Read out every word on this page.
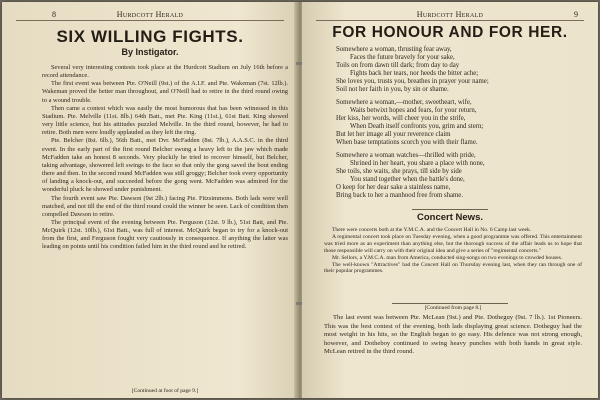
8	Hurdcott Herald
SIX WILLING FIGHTS.
By Instigator.

Several very interesting contests took place at the Hurdcott Stadium on July 16th before a record attendance.

The first event was between Pte. O'Neill (9st.) of the A.I.F. and Pte. Wakeman (7st. 12lb.). Wakeman proved the better man throughout, and O'Neill had to retire in the third round owing to a wound trouble.

Then came a contest which was easily the most humorous that has been witnessed in this Stadium. Pte. Melville (11st. 8lb.) 64th Batt., met Pte. King (11st.), 61st Batt. King showed very little science, but his attitudes puzzled Melville. In the third round, however, he had to retire. Both men were loudly applauded as they left the ring.

Pte. Belcher (8st. 6lb.), 56th Batt., met Dvr. McFadden (8st. 7lb.), A.A.S.C. in the third event. In the early part of the first round Belcher swung a heavy left to the jaw which made McFadden take an honest 8 seconds. Very pluckily he tried to recover himself, but Belcher, taking advantage, showered left swings to the face so that only the gong saved the bout ending there and then. In the second round McFadden was still groggy; Belcher took every opportunity of landing a knock-out, and succeeded before the gong went. McFadden was admired for the wonderful pluck he showed under punishment.

The fourth event saw Pte. Dawson (9st 2lb.) facing Pte. Fitzsimmons. Both lads were well matched, and not till the end of the third round could the winner be seen. Lack of condition then compelled Dawson to retire.

The principal event of the evening between Pte. Ferguson (12st. 9 lb.), 51st Batt, and Pte. McQuirk (12st. 10lb.), 61st Batt., was full of interest. McQuirk began to try for a knock-out from the first, and Ferguson fought very cautiously in consequence. If anything the latter was leading on points until his condition failed him in the third round and he retired.

[Continued at foot of page 9.]
Hurdcott Herald	9
FOR HONOUR AND FOR HER.
Somewhere a woman, thrusting fear away,
Faces the future bravely for your sake,
Toils on from dawn till dark; from day to day
Fights back her tears, nor heeds the bitter ache;
She loves you, trusts you, breathes in prayer your name;
Soil not her faith in you, by sin or shame.
Somewhere a woman,—mother, sweetheart, wife,
Waits betwixt hopes and fears, for your return,
Her kiss, her words, will cheer you in the strife,
When Death itself confronts you, grim and stern;
But let her image all your reverence claim
When base temptations scorch you with their flame.
Somewhere a woman watches—thrilled with pride,
Shrined in her heart, you share a place with none,
She toils, she waits, she prays, till side by side
You stand together when the battle's done,
O keep for her dear sake a stainless name,
Bring back to her a manhood free from shame.
Concert News.

There were concerts both at the Y.M.C.A. and the Concert Hall in No. 6 Camp last week.

A regimental concert took place on Tuesday evening, when a good programme was offered. This entertainment was tried more as an experiment than anything else, but the thorough success of the affair leads us to hope that those responsible will carry on with their original idea and give a series of "regimental concerts."

Mr. Sellors, a Y.M.C.A. man from America, conducted sing-songs on two evenings to crowded houses.

The well-known "Attractives" had the Concert Hall on Thursday evening last, when they ran through one of their popular programmes.

[Continued from page 8.]

The last event was between Pte. McLean (9st.) and Pte. Dotheguy (9st. 7 lb.). 1st Pioneers. This was the best contest of the evening, both lads displaying great science. Dotheguy had the most weight in his hits, so the English began to go easy. His defence was not strong enough, however, and Dotheboy continued to swing heavy punches with both hands in great style. McLean retired in the third round.
